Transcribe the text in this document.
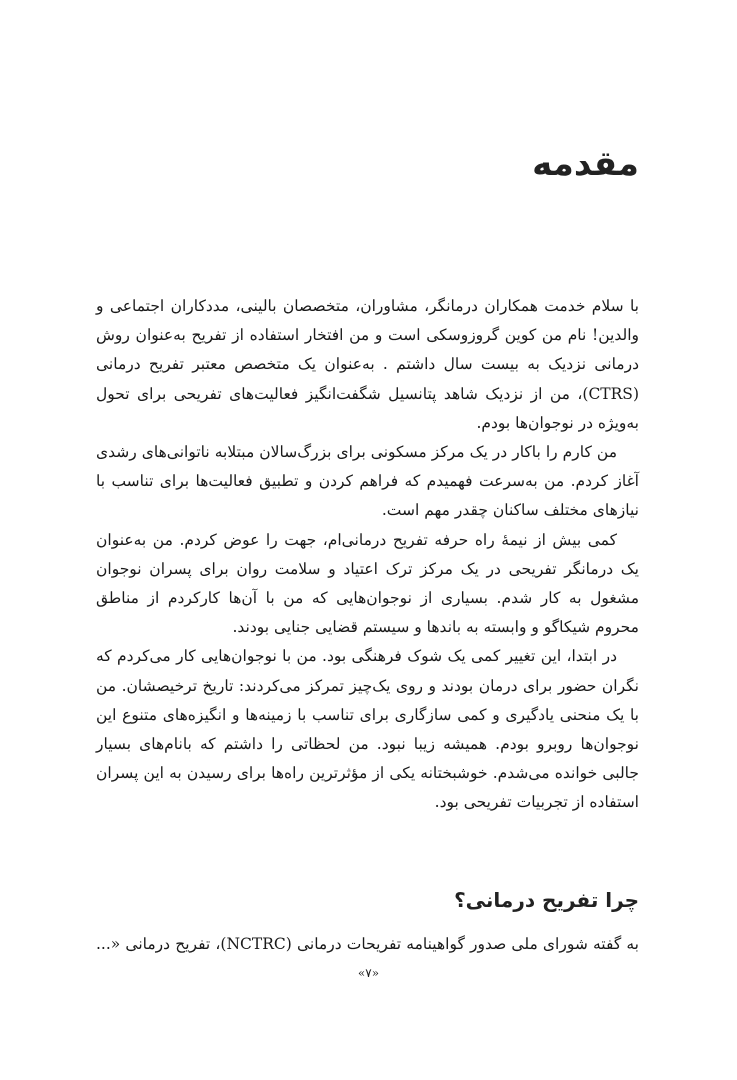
مقدمه

با سلام خدمت همکاران درمانگر، مشاوران، متخصصان بالینی، مددکاران اجتماعی و والدین! نام من کوین گروزوسکی است و من افتخار استفاده از تفریح به‌عنوان روش درمانی نزدیک به بیست سال داشتم . به‌عنوان یک متخصص معتبر تفریح درمانی (CTRS)، من از نزدیک شاهد پتانسیل شگفت‌انگیز فعالیت‌های تفریحی برای تحول به‌ویژه در نوجوان‌ها بودم.

من کارم را باکار در یک مرکز مسکونی برای بزرگ‌سالان مبتلابه ناتوانی‌های رشدی آغاز کردم. من به‌سرعت فهمیدم که فراهم کردن و تطبیق فعالیت‌ها برای تناسب با نیازهای مختلف ساکنان چقدر مهم است.

کمی بیش از نیمهٔ راه حرفه تفریح درمانی‌ام، جهت را عوض کردم. من به‌عنوان یک درمانگر تفریحی در یک مرکز ترک اعتیاد و سلامت روان برای پسران نوجوان مشغول به کار شدم. بسیاری از نوجوان‌هایی که من با آن‌ها کارکردم از مناطق محروم شیکاگو و وابسته به باندها و سیستم قضایی جنایی بودند.

در ابتدا، این تغییر کمی یک شوک فرهنگی بود. من با نوجوان‌هایی کار می‌کردم که نگران حضور برای درمان بودند و روی یک‌چیز تمرکز می‌کردند: تاریخ ترخیصشان. من با یک منحنی یادگیری و کمی سازگاری برای تناسب با زمینه‌ها و انگیزه‌های متنوع این نوجوان‌ها روبرو بودم. همیشه زیبا نبود. من لحظاتی را داشتم که بانام‌های بسیار جالبی خوانده می‌شدم. خوشبختانه یکی از مؤثرترین راه‌ها برای رسیدن به این پسران استفاده از تجربیات تفریحی بود.

چرا تفریح درمانی؟

به گفته شورای ملی صدور گواهینامه تفریحات درمانی (NCTRC)، تفریح درمانی «...

«۷»
